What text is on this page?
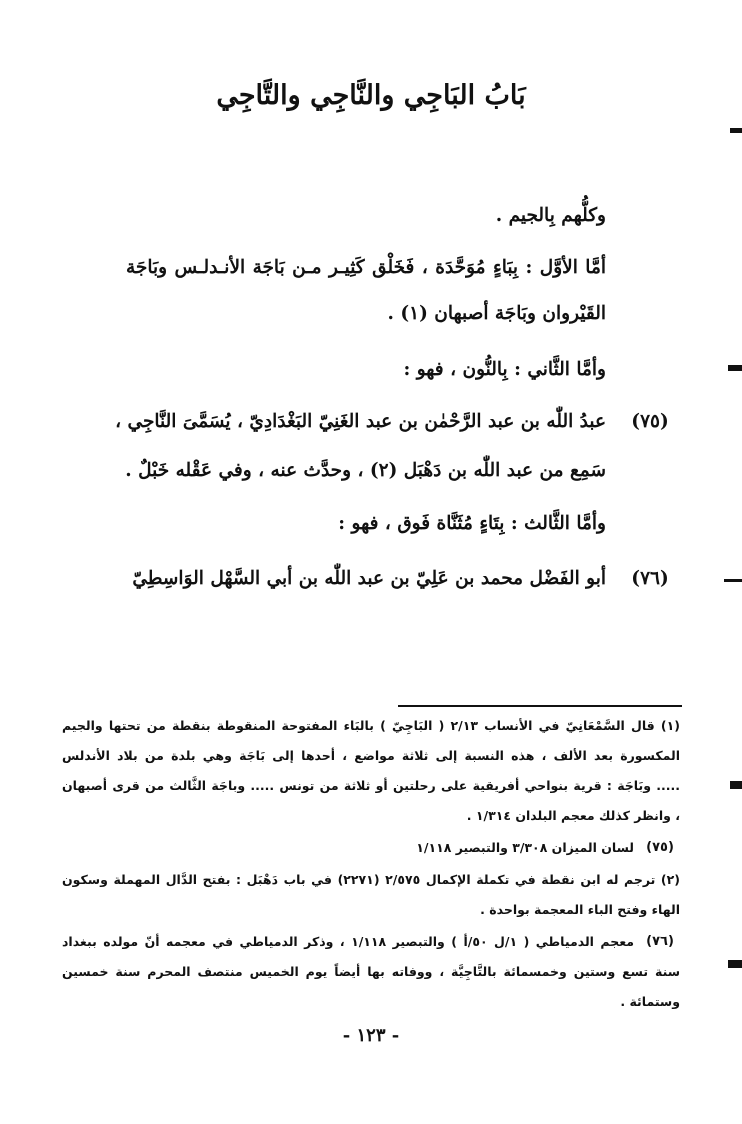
بَابُ البَاجِي والنَّاجِي والتَّاجِي
وكلُّهم بِالجيم .
أمَّا الأوَّل : بِبَاءٍ مُوَحَّدَة ، فَخَلْق كَثِيـر مـن بَاجَة الأنـدلـس وبَاجَة
القَيْروان وبَاجَة أصبهان (١) .
وأمَّا الثَّاني : بِالنُّون ، فهو :
(٧٥)
عبدُ اللّٰه بن عبد الرَّحْمٰن بن عبد الغَنِيّ البَغْدَادِيّ ، يُسَمَّىَ النَّاجِي ،
سَمِع من عبد اللّٰه بن دَهْبَل (٢) ، وحدَّث عنه ، وفي عَقْله خَبْلٌ .
وأمَّا الثَّالث : بِتَاءٍ مُثَنَّاة فَوق ، فهو :
(٧٦)
أبو الفَضْل محمد بن عَلِيّ بن عبد اللّٰه بن أبي السَّهْل الوَاسِطِيّ
(١) قال السَّمْعَانِيّ في الأنساب ٢/١٣ ( البَاجِيّ ) بالبَاء المفتوحة المنقوطة بنقطة من تحتها والجيم
المكسورة بعد الألف ، هذه النسبة إلى ثلاثة مواضع ، أحدها إلى بَاجَة وهي بلدة من بلاد الأندلس
..... وبَاجَة : قرية بنواحي أفريقية على رحلتين أو ثلاثة من تونس ..... وباجَة الثَّالث من قرى أصبهان
، وانظر كذلك معجم البلدان ١/٣١٤ .
(٧٥)
لسان الميزان ٣/٣٠٨ والتبصير ١/١١٨
(٢) ترجم له ابن نقطة في تكملة الإكمال ٢/٥٧٥ (٢٢٧١) في باب دَهْبَل : بفتح الدَّال المهملة وسكون
الهاء وفتح الباء المعجمة بواحدة .
(٧٦)
معجم الدمياطي ( ١/ل ٥٠/أ ) والتبصير ١/١١٨ ، وذكر الدمياطي في معجمه أنّ مولده ببغداد
سنة تسع وستين وخمسمائة بالتَّاجِيَّة ، ووفاته بها أيضاً يوم الخميس منتصف المحرم سنة خمسين
وستمائة .
- ١٢٣ -
